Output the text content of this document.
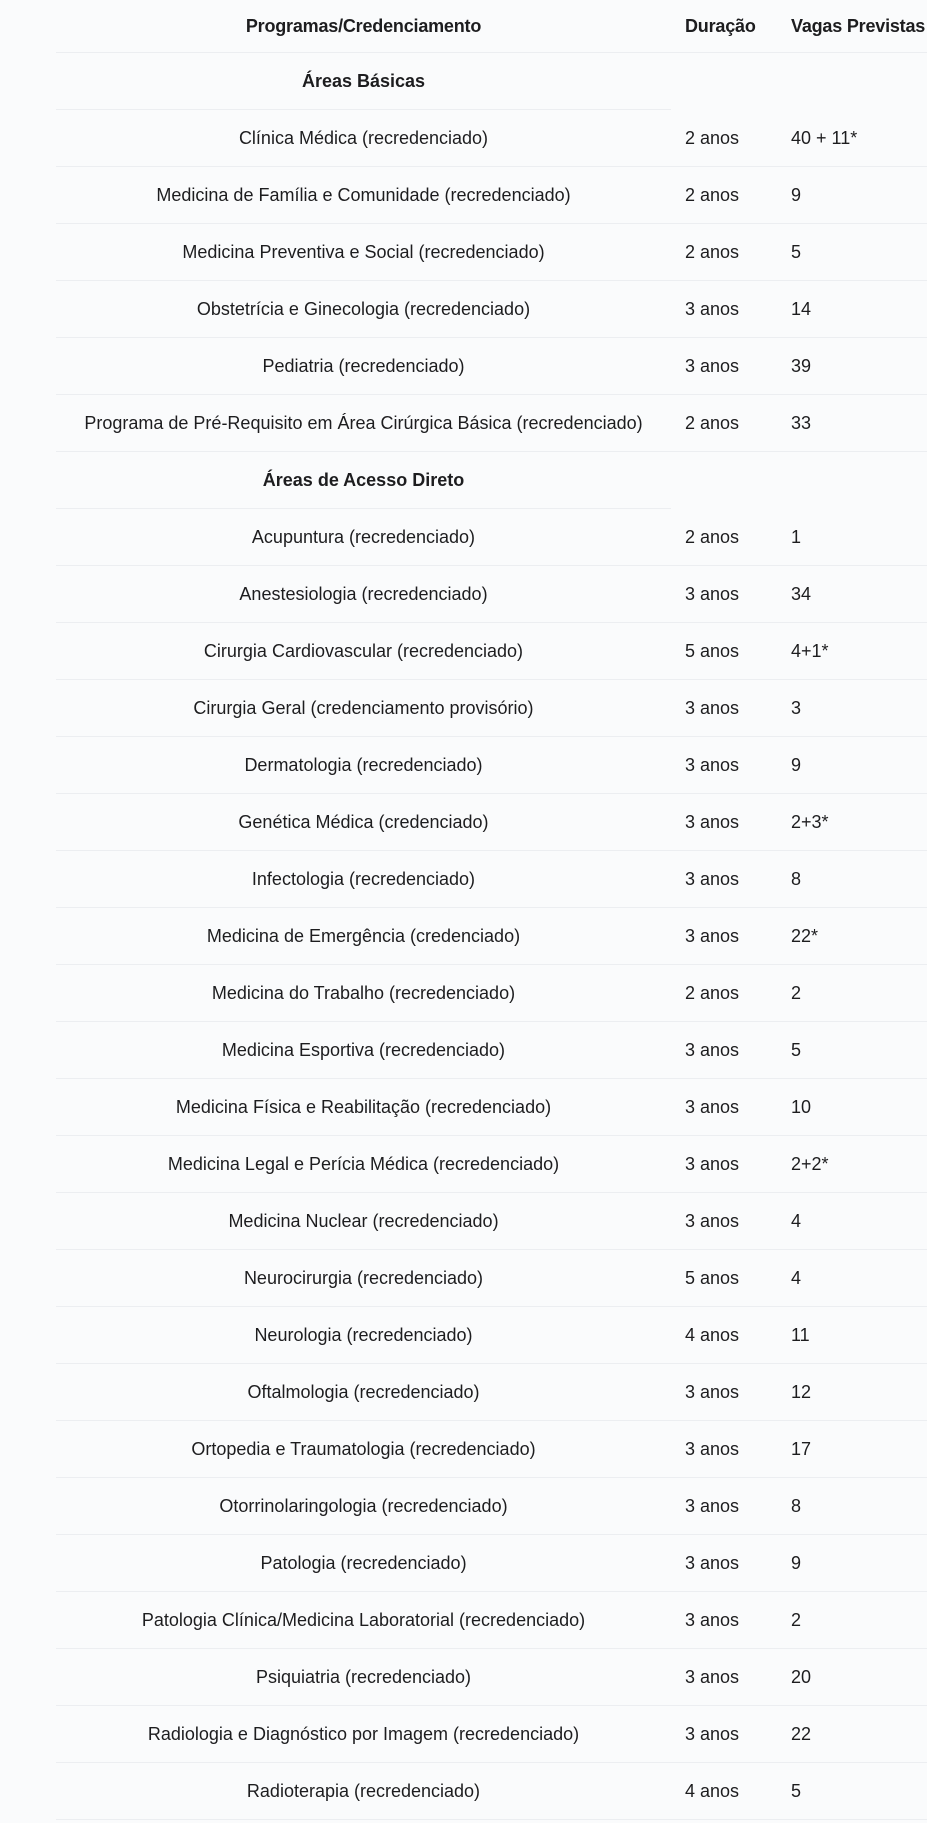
Programas/Credenciamento	Duração	Vagas Previstas
Áreas Básicas
Clínica Médica (recredenciado)	2 anos	40 + 11*
Medicina de Família e Comunidade (recredenciado)	2 anos	9
Medicina Preventiva e Social (recredenciado)	2 anos	5
Obstetrícia e Ginecologia (recredenciado)	3 anos	14
Pediatria (recredenciado)	3 anos	39
Programa de Pré-Requisito em Área Cirúrgica Básica (recredenciado)	2 anos	33
Áreas de Acesso Direto
Acupuntura (recredenciado)	2 anos	1
Anestesiologia (recredenciado)	3 anos	34
Cirurgia Cardiovascular (recredenciado)	5 anos	4+1*
Cirurgia Geral (credenciamento provisório)	3 anos	3
Dermatologia (recredenciado)	3 anos	9
Genética Médica (credenciado)	3 anos	2+3*
Infectologia (recredenciado)	3 anos	8
Medicina de Emergência (credenciado)	3 anos	22*
Medicina do Trabalho (recredenciado)	2 anos	2
Medicina Esportiva (recredenciado)	3 anos	5
Medicina Física e Reabilitação (recredenciado)	3 anos	10
Medicina Legal e Perícia Médica (recredenciado)	3 anos	2+2*
Medicina Nuclear (recredenciado)	3 anos	4
Neurocirurgia (recredenciado)	5 anos	4
Neurologia (recredenciado)	4 anos	11
Oftalmologia (recredenciado)	3 anos	12
Ortopedia e Traumatologia (recredenciado)	3 anos	17
Otorrinolaringologia (recredenciado)	3 anos	8
Patologia (recredenciado)	3 anos	9
Patologia Clínica/Medicina Laboratorial (recredenciado)	3 anos	2
Psiquiatria (recredenciado)	3 anos	20
Radiologia e Diagnóstico por Imagem (recredenciado)	3 anos	22
Radioterapia (recredenciado)	4 anos	5
